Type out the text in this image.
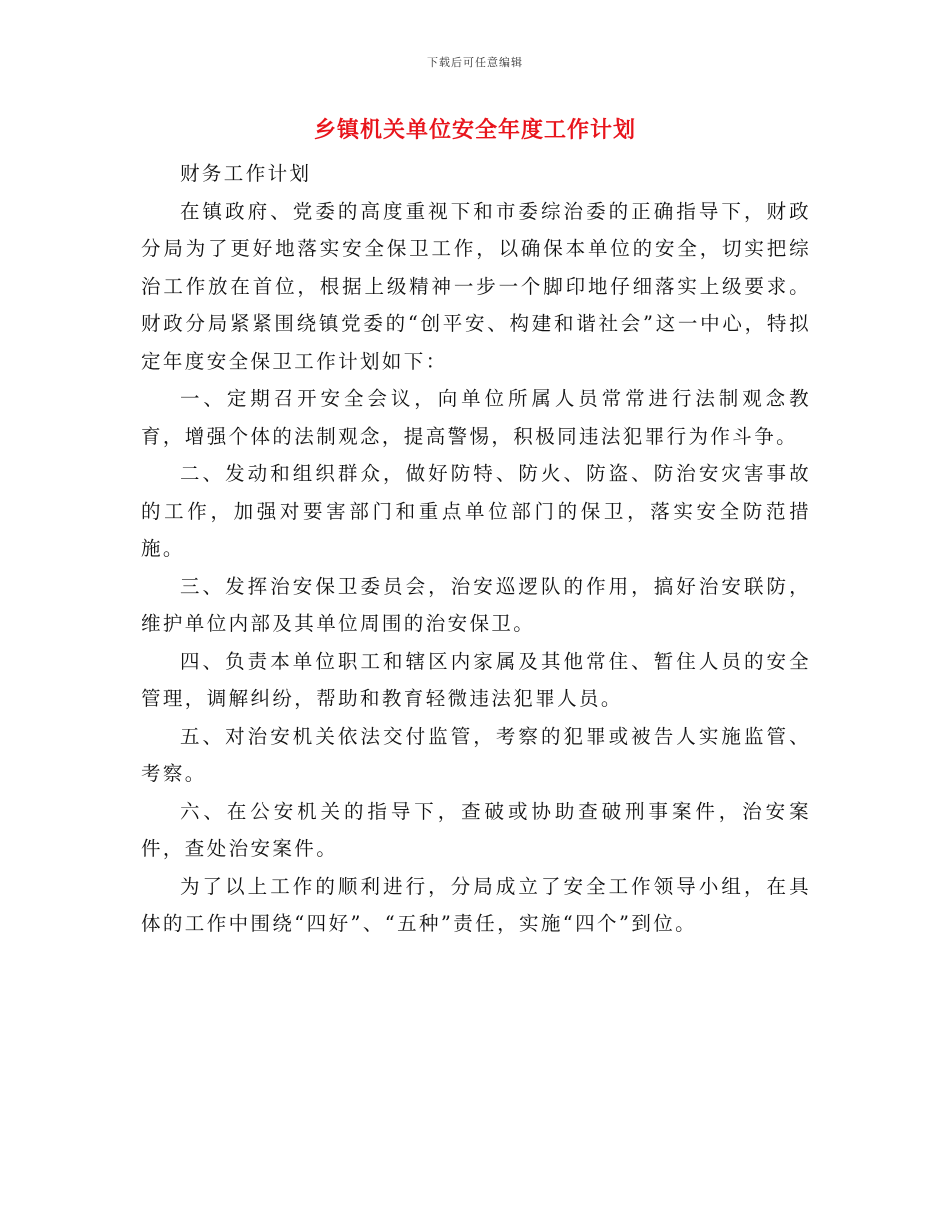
下载后可任意编辑
乡镇机关单位安全年度工作计划

财务工作计划

在镇政府、党委的高度重视下和市委综治委的正确指导下，财政分局为了更好地落实安全保卫工作，以确保本单位的安全，切实把综治工作放在首位，根据上级精神一步一个脚印地仔细落实上级要求。财政分局紧紧围绕镇党委的“创平安、构建和谐社会”这一中心，特拟定年度安全保卫工作计划如下：

一、定期召开安全会议，向单位所属人员常常进行法制观念教育，增强个体的法制观念，提高警惕，积极同违法犯罪行为作斗争。

二、发动和组织群众，做好防特、防火、防盗、防治安灾害事故的工作，加强对要害部门和重点单位部门的保卫，落实安全防范措施。

三、发挥治安保卫委员会，治安巡逻队的作用，搞好治安联防，维护单位内部及其单位周围的治安保卫。

四、负责本单位职工和辖区内家属及其他常住、暂住人员的安全管理，调解纠纷，帮助和教育轻微违法犯罪人员。

五、对治安机关依法交付监管，考察的犯罪或被告人实施监管、考察。

六、在公安机关的指导下，查破或协助查破刑事案件，治安案件，查处治安案件。

为了以上工作的顺利进行，分局成立了安全工作领导小组，在具体的工作中围绕“四好”、“五种”责任，实施“四个”到位。
